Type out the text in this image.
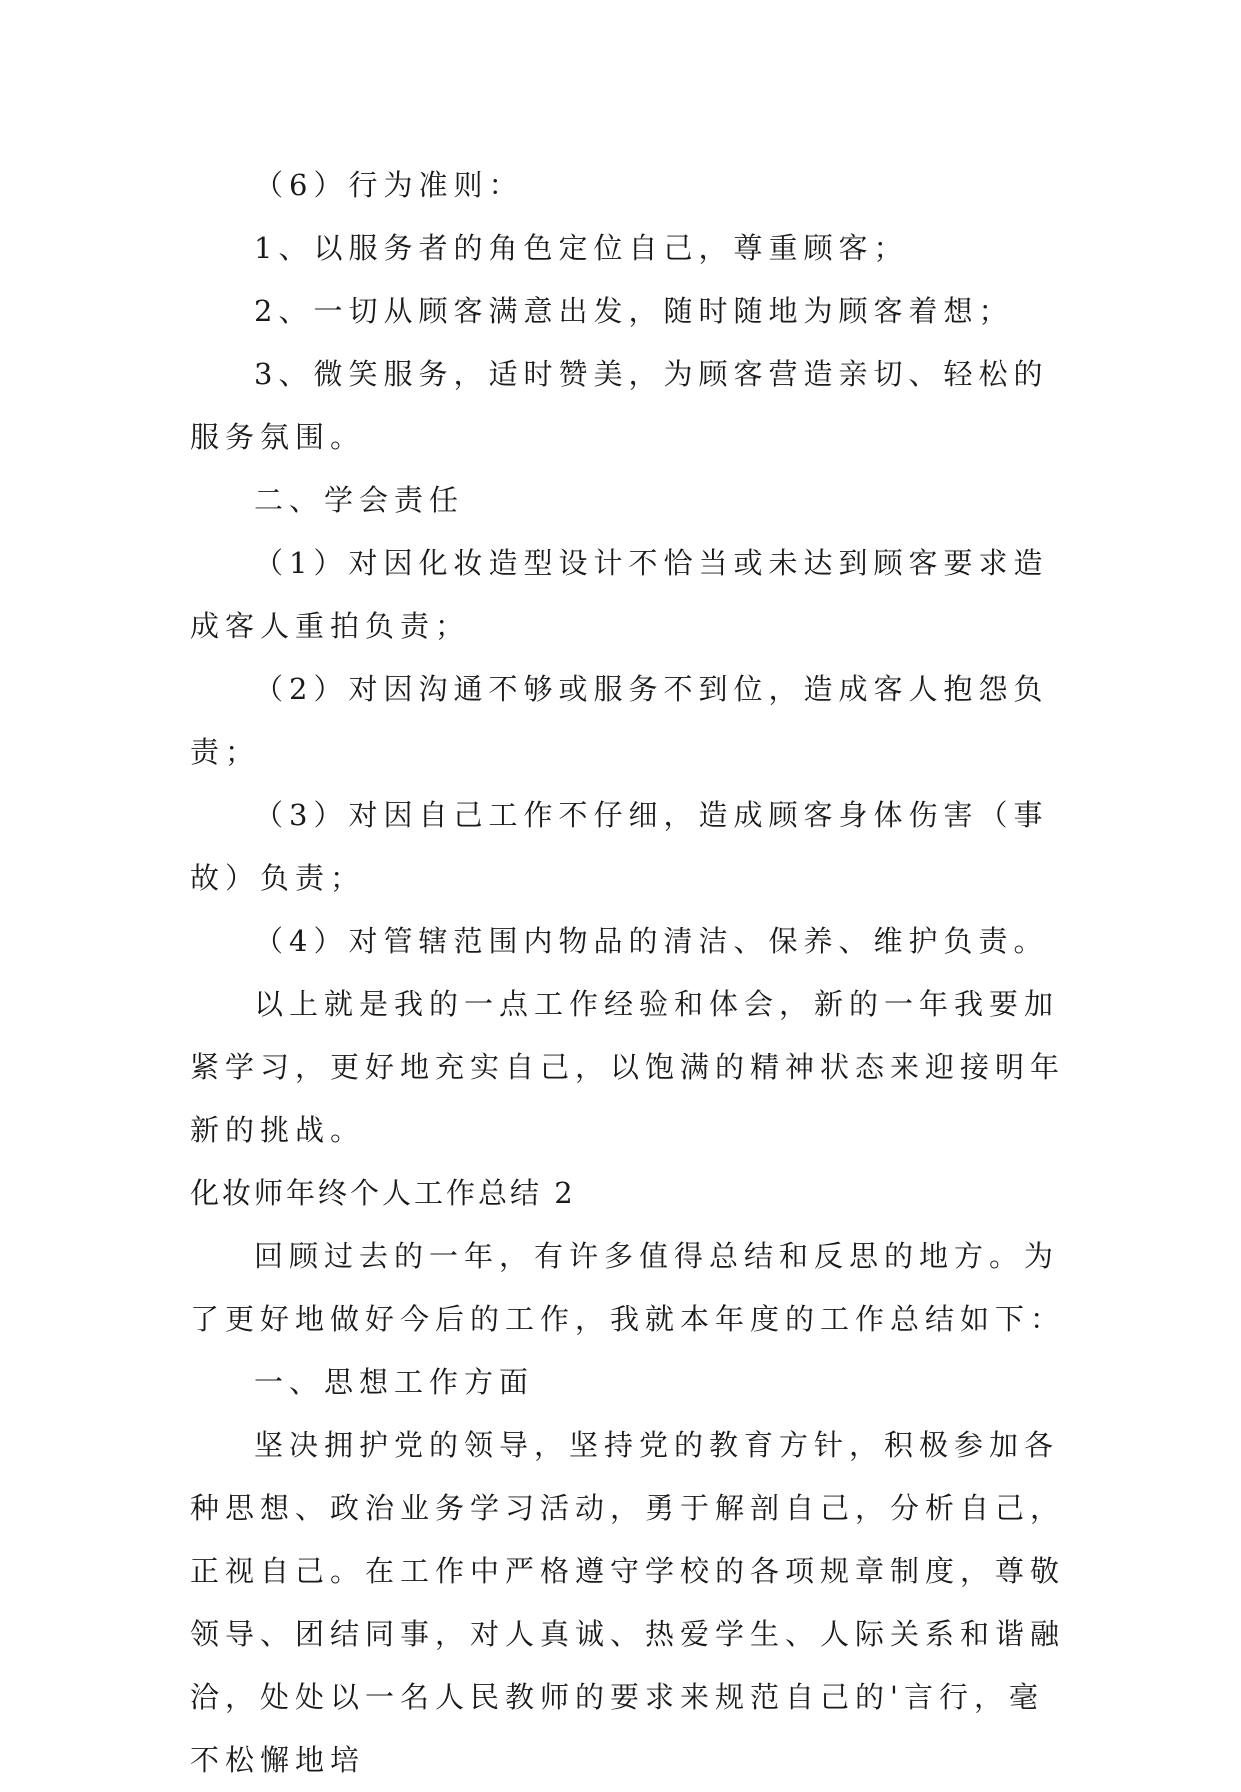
（6）行为准则：

1、以服务者的角色定位自己，尊重顾客；

2、一切从顾客满意出发，随时随地为顾客着想；

3、微笑服务，适时赞美，为顾客营造亲切、轻松的服务氛围。

二、学会责任

（1）对因化妆造型设计不恰当或未达到顾客要求造成客人重拍负责；

（2）对因沟通不够或服务不到位，造成客人抱怨负责；

（3）对因自己工作不仔细，造成顾客身体伤害（事故）负责；

（4）对管辖范围内物品的清洁、保养、维护负责。

以上就是我的一点工作经验和体会，新的一年我要加紧学习，更好地充实自己，以饱满的精神状态来迎接明年新的挑战。

化妆师年终个人工作总结 2

回顾过去的一年，有许多值得总结和反思的地方。为了更好地做好今后的工作，我就本年度的工作总结如下：

一、思想工作方面

坚决拥护党的领导，坚持党的教育方针，积极参加各种思想、政治业务学习活动，勇于解剖自己，分析自己，正视自己。在工作中严格遵守学校的各项规章制度，尊敬领导、团结同事，对人真诚、热爱学生、人际关系和谐融洽，处处以一名人民教师的要求来规范自己的'言行，毫不松懈地培
